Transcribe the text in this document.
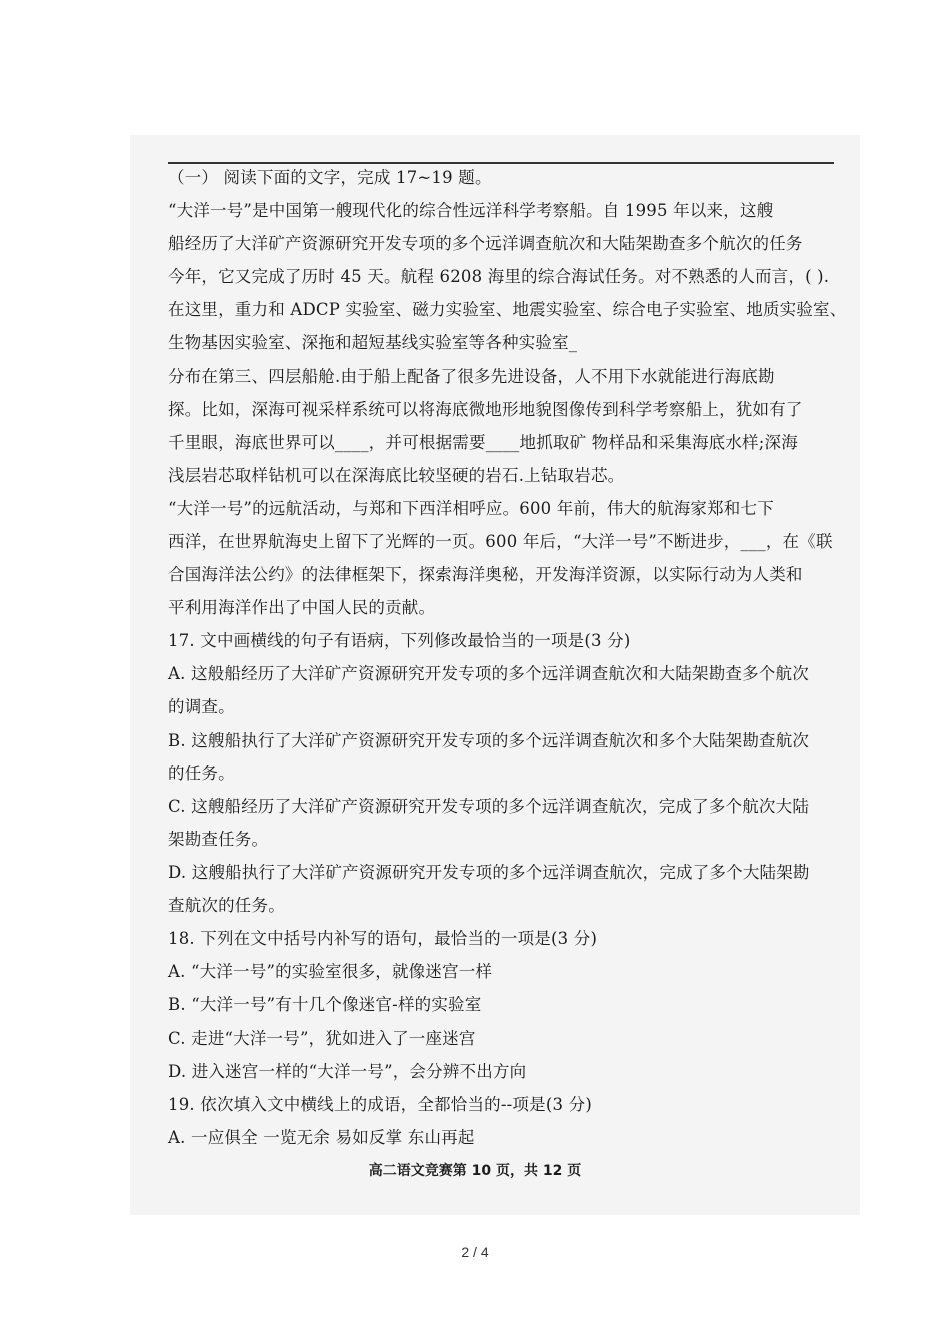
（一） 阅读下面的文字，完成 17~19 题。
“大洋一号”是中国第一艘现代化的综合性远洋科学考察船。自 1995 年以来，这艘
船经历了大洋矿产资源研究开发专项的多个远洋调查航次和大陆架勘查多个航次的任务
今年，它又完成了历时 45 天。航程 6208 海里的综合海试任务。对不熟悉的人而言，( ).
在这里，重力和 ADCP 实验室、磁力实验室、地震实验室、综合电子实验室、地质实验室、
生物基因实验室、深拖和超短基线实验室等各种实验室_
分布在第三、四层船舱.由于船上配备了很多先进设备，人不用下水就能进行海底勘
探。比如，深海可视采样系统可以将海底微地形地貌图像传到科学考察船上，犹如有了
千里眼，海底世界可以____，并可根据需要____地抓取矿 物样品和采集海底水样;深海
浅层岩芯取样钻机可以在深海底比较坚硬的岩石.上钻取岩芯。
“大洋一号”的远航活动，与郑和下西洋相呼应。600 年前，伟大的航海家郑和七下
西洋，在世界航海史上留下了光辉的一页。600 年后，“大洋一号”不断进步，___，在《联
合国海洋法公约》的法律框架下，探索海洋奥秘，开发海洋资源，以实际行动为人类和
平利用海洋作出了中国人民的贡献。
17. 文中画横线的句子有语病，下列修改最恰当的一项是(3 分)
A. 这般船经历了大洋矿产资源研究开发专项的多个远洋调查航次和大陆架勘查多个航次
的调查。
B. 这艘船执行了大洋矿产资源研究开发专项的多个远洋调查航次和多个大陆架勘查航次
的任务。
C. 这艘船经历了大洋矿产资源研究开发专项的多个远洋调查航次，完成了多个航次大陆
架勘查任务。
D. 这艘船执行了大洋矿产资源研究开发专项的多个远洋调查航次，完成了多个大陆架勘
查航次的任务。
18. 下列在文中括号内补写的语句，最恰当的一项是(3 分)
A. “大洋一号”的实验室很多，就像迷宫一样
B. “大洋一号”有十几个像迷官-样的实验室
C. 走进“大洋一号”，犹如进入了一座迷宫
D. 进入迷宫一样的“大洋一号”，会分辨不出方向
19. 依次填入文中横线上的成语，全都恰当的--项是(3 分)
A. 一应俱全 一览无余 易如反掌 东山再起
高二语文竞赛第 10 页，共 12 页
2 / 4
